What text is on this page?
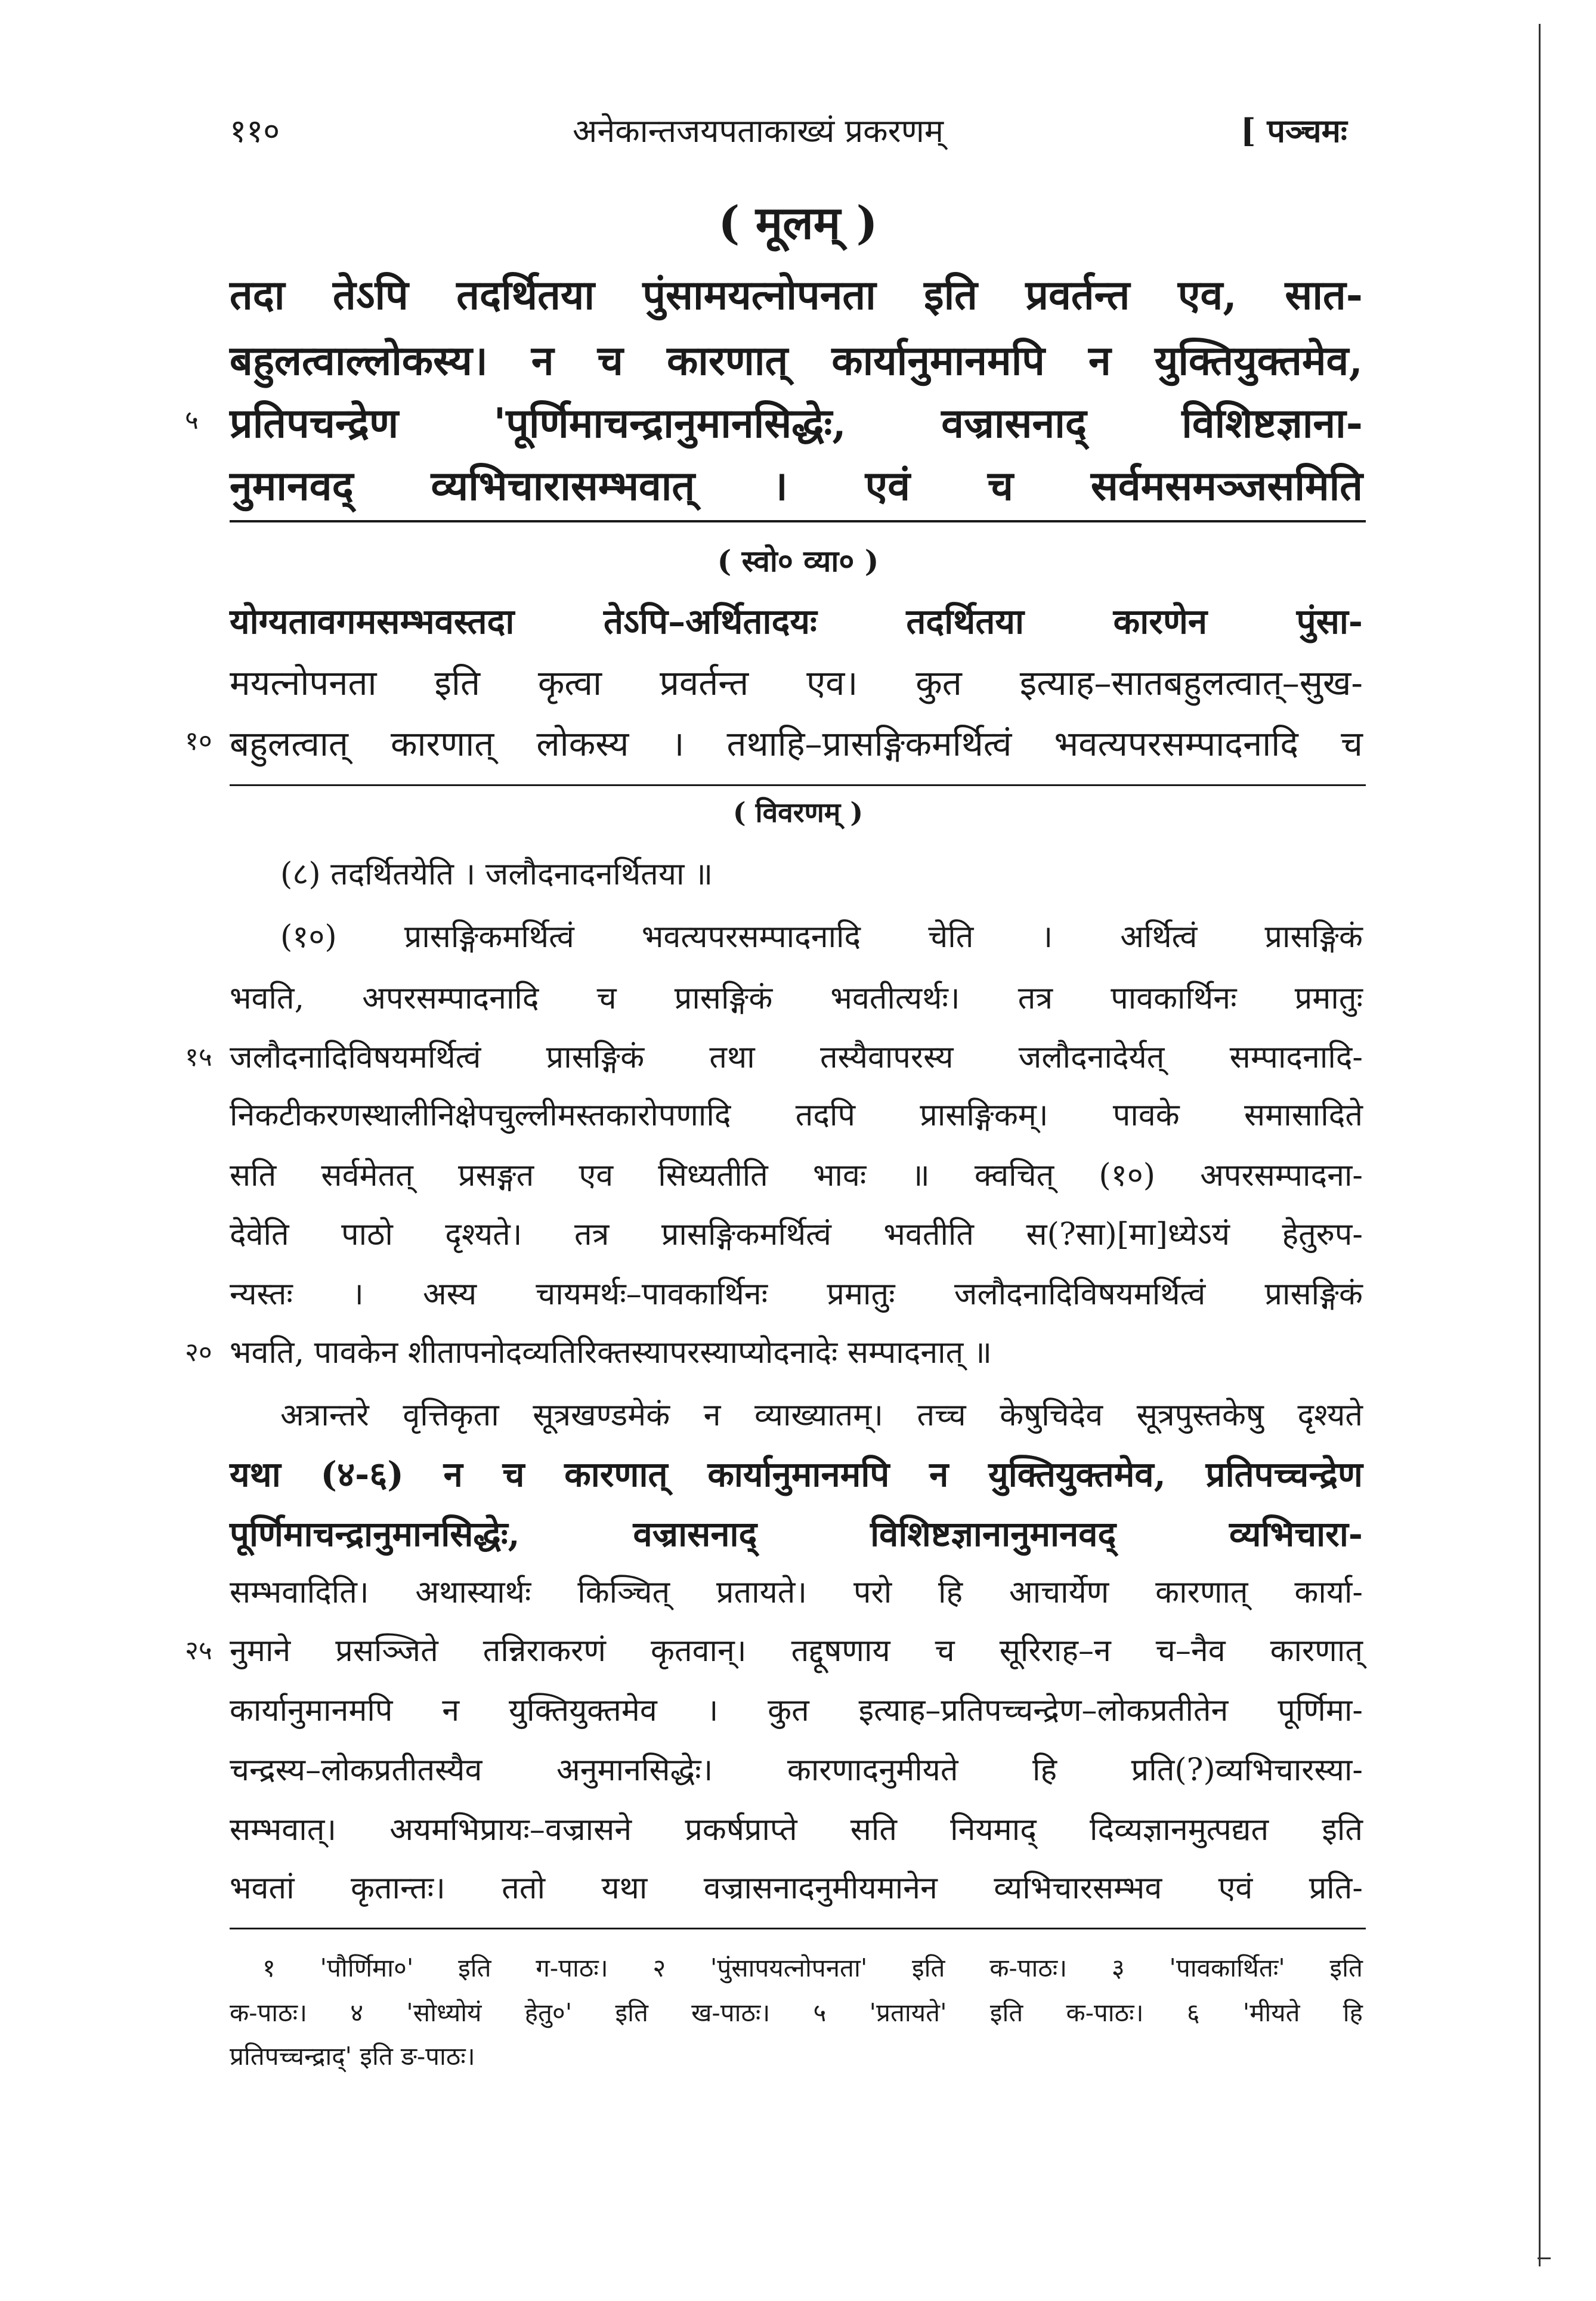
११०	अनेकान्तजयपताकाख्यं प्रकरणम्	[ पञ्चमः
( मूलम् )
तदा तेऽपि तदर्थितया पुंसामयत्नोपनता इति प्रवर्तन्त एव, सात-
बहुलत्वाल्लोकस्य। न च कारणात् कार्यानुमानमपि न युक्तियुक्तमेव,
५ प्रतिपचन्द्रेण 'पूर्णिमाचन्द्रानुमानसिद्धेः, वज्रासनाद् विशिष्टज्ञाना-
नुमानवद् व्यभिचारासम्भवात् । एवं च सर्वमसमञ्जसमिति
( स्वो० व्या० )
योग्यतावगमसम्भवस्तदा तेऽपि–अर्थितादयः तदर्थितया कारणेन पुंसा-
मयत्नोपनता इति कृत्वा प्रवर्तन्त एव। कुत इत्याह–सातबहुलत्वात्–सुख-
१० बहुलत्वात् कारणात् लोकस्य । तथाहि–प्रासङ्गिकमर्थित्वं भवत्यपरसम्पादनादि च
( विवरणम् )
(८) तदर्थितयेति । जलौदनादनर्थितया ॥
(१०) प्रासङ्गिकमर्थित्वं भवत्यपरसम्पादनादि चेति । अर्थित्वं प्रासङ्गिकं
भवति, अपरसम्पादनादि च प्रासङ्गिकं भवतीत्यर्थः। तत्र पावकार्थिनः प्रमातुः
१५ जलौदनादिविषयमर्थित्वं प्रासङ्गिकं तथा तस्यैवापरस्य जलौदनादेर्यत् सम्पादनादि-
निकटीकरणस्थालीनिक्षेपचुल्लीमस्तकारोपणादि तदपि प्रासङ्गिकम्। पावके समासादिते
सति सर्वमेतत् प्रसङ्गत एव सिध्यतीति भावः ॥ क्वचित् (१०) अपरसम्पादना-
देवेति पाठो दृश्यते। तत्र प्रासङ्गिकमर्थित्वं भवतीति स(?सा)[मा]ध्येऽयं हेतुरुप-
न्यस्तः । अस्य चायमर्थः–पावकार्थिनः प्रमातुः जलौदनादिविषयमर्थित्वं प्रासङ्गिकं
२० भवति, पावकेन शीतापनोदव्यतिरिक्तस्यापरस्याप्योदनादेः सम्पादनात् ॥
अत्रान्तरे वृत्तिकृता सूत्रखण्डमेकं न व्याख्यातम्। तच्च केषुचिदेव सूत्रपुस्तकेषु दृश्यते
यथा (४-६) न च कारणात् कार्यानुमानमपि न युक्तियुक्तमेव, प्रतिपच्चन्द्रेण
पूर्णिमाचन्द्रानुमानसिद्धेः, वज्रासनाद् विशिष्टज्ञानानुमानवद् व्यभिचारा-
सम्भवादिति। अथास्यार्थः किञ्चित् प्रतायते। परो हि आचार्येण कारणात् कार्या-
२५ नुमाने प्रसञ्जिते तन्निराकरणं कृतवान्। तद्दूषणाय च सूरिराह–न च–नैव कारणात्
कार्यानुमानमपि न युक्तियुक्तमेव । कुत इत्याह–प्रतिपच्चन्द्रेण–लोकप्रतीतेन पूर्णिमा-
चन्द्रस्य–लोकप्रतीतस्यैव अनुमानसिद्धेः। कारणादनुमीयते हि प्रति(?)व्यभिचारस्या-
सम्भवात्। अयमभिप्रायः–वज्रासने प्रकर्षप्राप्ते सति नियमाद् दिव्यज्ञानमुत्पद्यत इति
भवतां कृतान्तः। ततो यथा वज्रासनादनुमीयमानेन व्यभिचारसम्भव एवं प्रति-
१ 'पौर्णिमा०' इति ग-पाठः। २ 'पुंसापयत्नोपनता' इति क-पाठः। ३ 'पावकार्थितः' इति
क-पाठः। ४ 'सोध्योयं हेतु०' इति ख-पाठः। ५ 'प्रतायते' इति क-पाठः। ६ 'मीयते हि
प्रतिपच्चन्द्राद्' इति ङ-पाठः।
